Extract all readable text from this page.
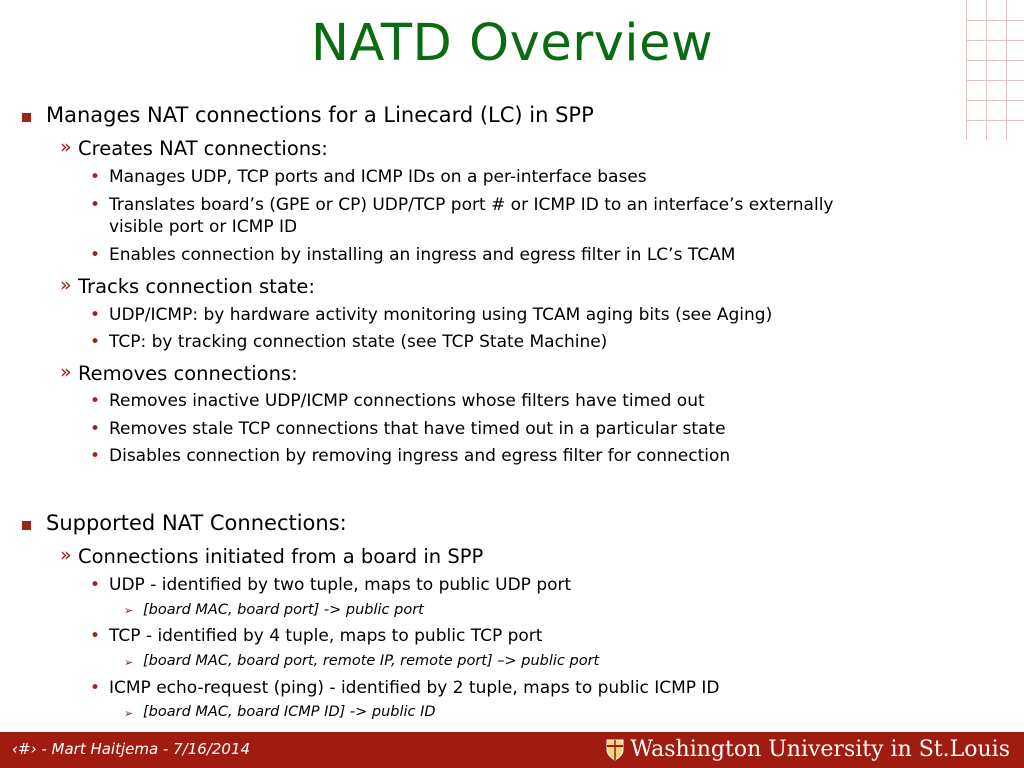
NATD Overview
Manages NAT connections for a Linecard (LC) in SPP
» Creates NAT connections:
• Manages UDP, TCP ports and ICMP IDs on a per-interface bases
• Translates board’s (GPE or CP) UDP/TCP port # or ICMP ID to an interface’s externally
visible port or ICMP ID
• Enables connection by installing an ingress and egress filter in LC’s TCAM
» Tracks connection state:
• UDP/ICMP: by hardware activity monitoring using TCAM aging bits (see Aging)
• TCP: by tracking connection state (see TCP State Machine)
» Removes connections:
• Removes inactive UDP/ICMP connections whose filters have timed out
• Removes stale TCP connections that have timed out in a particular state
• Disables connection by removing ingress and egress filter for connection
Supported NAT Connections:
» Connections initiated from a board in SPP
• UDP - identified by two tuple, maps to public UDP port
➢ [board MAC, board port] -> public port
• TCP - identified by 4 tuple, maps to public TCP port
➢ [board MAC, board port, remote IP, remote port] –> public port
• ICMP echo-request (ping) - identified by 2 tuple, maps to public ICMP ID
➢ [board MAC, board ICMP ID] -> public ID
‹#› - Mart Haitjema - 7/16/2014	Washington University in St.Louis
